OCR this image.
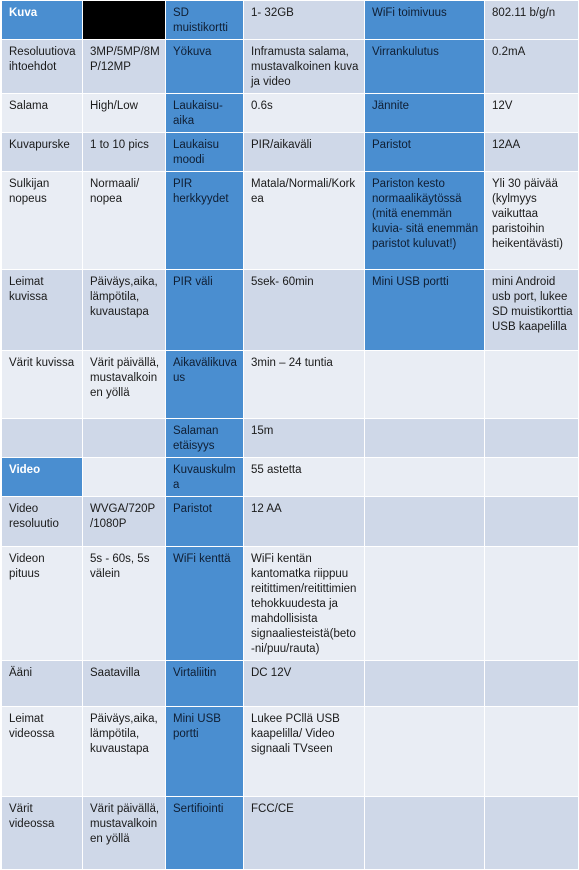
Kuva		SD muistikortti	1- 32GB	WiFi toimivuus	802.11 b/g/n
Resoluutiovaihtoehdot	3MP/5MP/8MP/12MP	Yökuva	Inframusta salama, mustavalkoinen kuva ja video	Virrankulutus	0.2mA
Salama	High/Low	Laukaisu-aika	0.6s	Jännite	12V
Kuvapurske	1 to 10 pics	Laukaisu moodi	PIR/aikaväli	Paristot	12AA
Sulkijan nopeus	Normaali/ nopea	PIR herkkyydet	Matala/Normali/Korkea	Pariston kesto normaalikäytössä (mitä enemmän kuvia- sitä enemmän paristot kuluvat!)	Yli 30 päivää (kylmyys vaikuttaa paristoihin heikentävästi)
Leimat kuvissa	Päiväys,aika, lämpötila, kuvaustapa	PIR väli	5sek- 60min	Mini USB portti	mini Android usb port, lukee SD muistikorttia USB kaapelilla
Värit kuvissa	Värit päivällä, mustavalkoinen yöllä	Aikavälikuvaus	3min – 24 tuntia		
		Salaman etäisyys	15m		
Video		Kuvauskulma	55 astetta		
Video resoluutio	WVGA/720P /1080P	Paristot	12 AA		
Videon pituus	5s - 60s, 5s välein	WiFi kenttä	WiFi kentän kantomatka riippuu reitittimen/reitittimien tehokkuudesta ja mahdollisista signaaliesteistä(beto-ni/puu/rauta)		
Ääni	Saatavilla	Virtaliitin	DC 12V		
Leimat videossa	Päiväys,aika, lämpötila, kuvaustapa	Mini USB portti	Lukee PCllä USB kaapelilla/ Video signaali TVseen		
Värit videossa	Värit päivällä, mustavalkoinen yöllä	Sertifiointi	FCC/CE		
